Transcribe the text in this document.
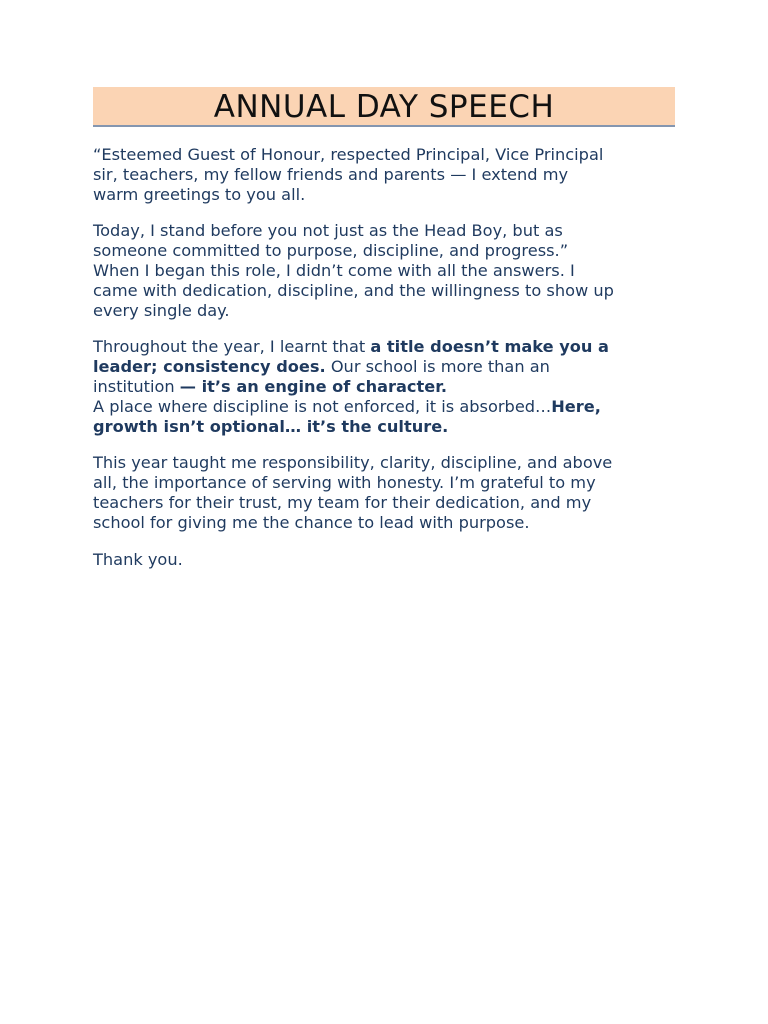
ANNUAL DAY SPEECH

“Esteemed Guest of Honour, respected Principal, Vice Principal
sir, teachers, my fellow friends and parents — I extend my
warm greetings to you all.

Today, I stand before you not just as the Head Boy, but as
someone committed to purpose, discipline, and progress.”
When I began this role, I didn’t come with all the answers. I
came with dedication, discipline, and the willingness to show up
every single day.

Throughout the year, I learnt that a title doesn’t make you a
leader; consistency does. Our school is more than an
institution — it’s an engine of character.
A place where discipline is not enforced, it is absorbed…Here,
growth isn’t optional… it’s the culture.

This year taught me responsibility, clarity, discipline, and above
all, the importance of serving with honesty. I’m grateful to my
teachers for their trust, my team for their dedication, and my
school for giving me the chance to lead with purpose.

Thank you.
